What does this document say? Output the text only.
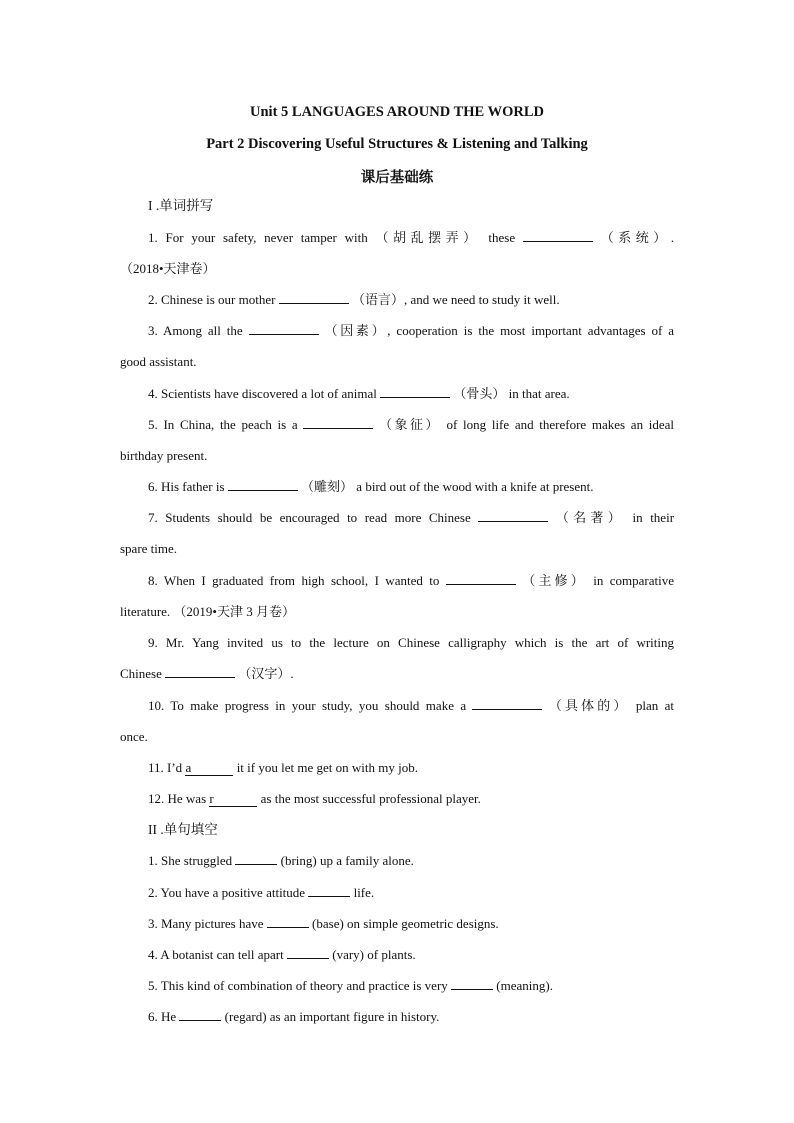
Unit 5 LANGUAGES AROUND THE WORLD
Part 2 Discovering Useful Structures & Listening and Talking
课后基础练
I .单词拼写
1. For your safety, never tamper with （胡乱摆弄） these	（系统）.
（2018•天津卷）
2. Chinese is our mother	（语言）, and we need to study it well.
3. Among all the	（因素）, cooperation is the most important advantages of a
good assistant.
4. Scientists have discovered a lot of animal	（骨头） in that area.
5. In China, the peach is a	（象征） of long life and therefore makes an ideal
birthday present.
6. His father is	（雕刻） a bird out of the wood with a knife at present.
7. Students should be encouraged to read more Chinese	（名著） in their
spare time.
8. When I graduated from high school, I wanted to	（主修） in comparative
literature. （2019•天津 3 月卷）
9. Mr. Yang invited us to the lecture on Chinese calligraphy which is the art of writing
Chinese	（汉字）.
10. To make progress in your study, you should make a	（具体的） plan at
once.
11. I’d a	it if you let me get on with my job.
12. He was r	as the most successful professional player.
II .单句填空
1. She struggled	(bring) up a family alone.
2. You have a positive attitude	life.
3. Many pictures have	(base) on simple geometric designs.
4. A botanist can tell apart	(vary) of plants.
5. This kind of combination of theory and practice is very	(meaning).
6. He	(regard) as an important figure in history.
